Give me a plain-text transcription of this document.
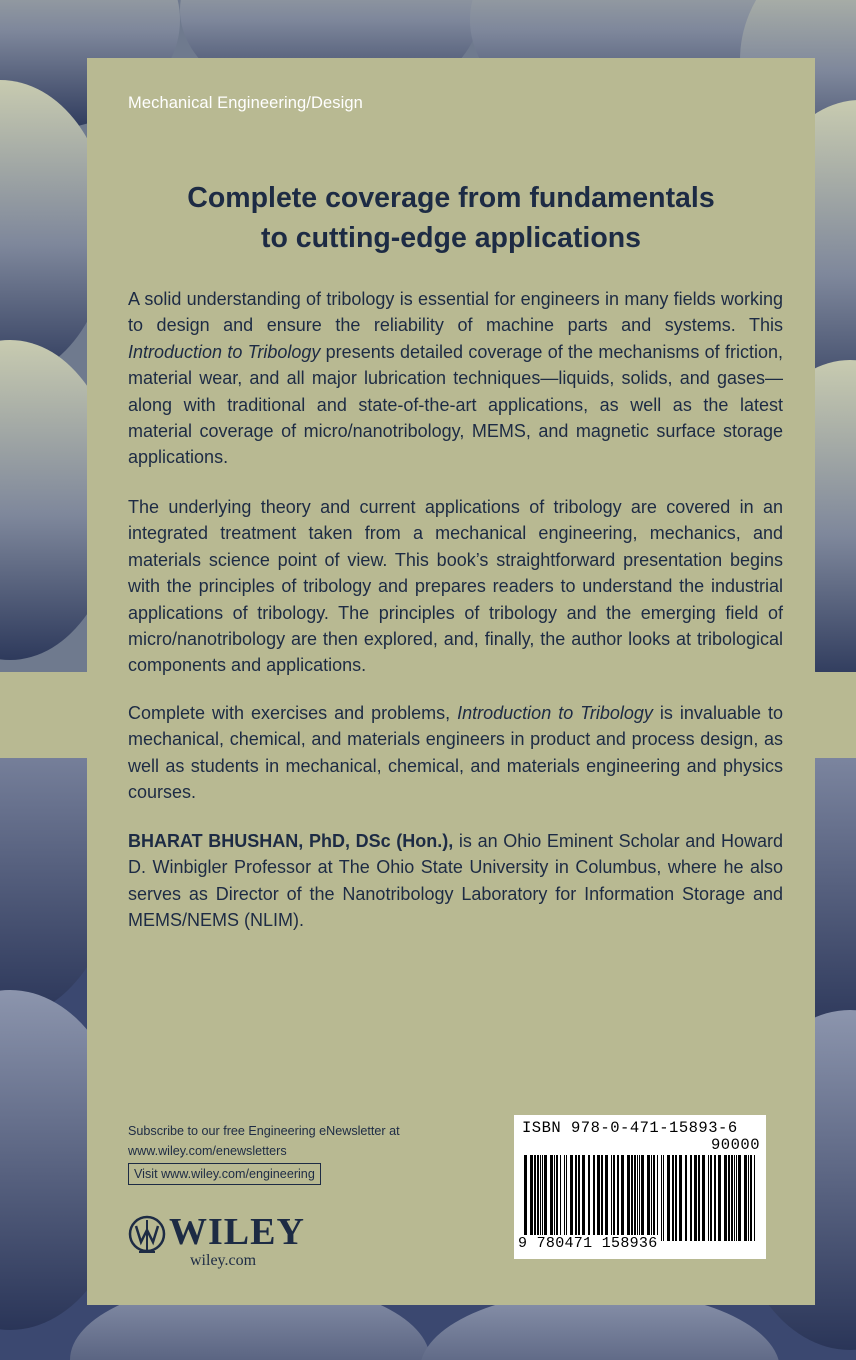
Mechanical Engineering/Design
Complete coverage from fundamentals
to cutting-edge applications
A solid understanding of tribology is essential for engineers in many fields working to design and ensure the reliability of machine parts and systems. This Introduction to Tribology presents detailed coverage of the mechanisms of friction, material wear, and all major lubrication techniques—liquids, solids, and gases—along with traditional and state-of-the-art applications, as well as the latest material coverage of micro/nanotribology, MEMS, and magnetic surface storage applications.
The underlying theory and current applications of tribology are covered in an integrated treatment taken from a mechanical engineering, mechanics, and materials science point of view. This book’s straightforward presentation begins with the principles of tribology and prepares readers to understand the industrial applications of tribology. The principles of tribology and the emerging field of micro/nanotribology are then explored, and, finally, the author looks at tribological components and applications.
Complete with exercises and problems, Introduction to Tribology is invaluable to mechanical, chemical, and materials engineers in product and process design, as well as students in mechanical, chemical, and materials engineering and physics courses.
BHARAT BHUSHAN, PhD, DSc (Hon.), is an Ohio Eminent Scholar and Howard D. Winbigler Professor at The Ohio State University in Columbus, where he also serves as Director of the Nanotribology Laboratory for Information Storage and MEMS/NEMS (NLIM).
Subscribe to our free Engineering eNewsletter at
www.wiley.com/enewsletters
Visit www.wiley.com/engineering
WILEY
wiley.com
ISBN 978-0-471-15893-6
90000
9 780471 158936
